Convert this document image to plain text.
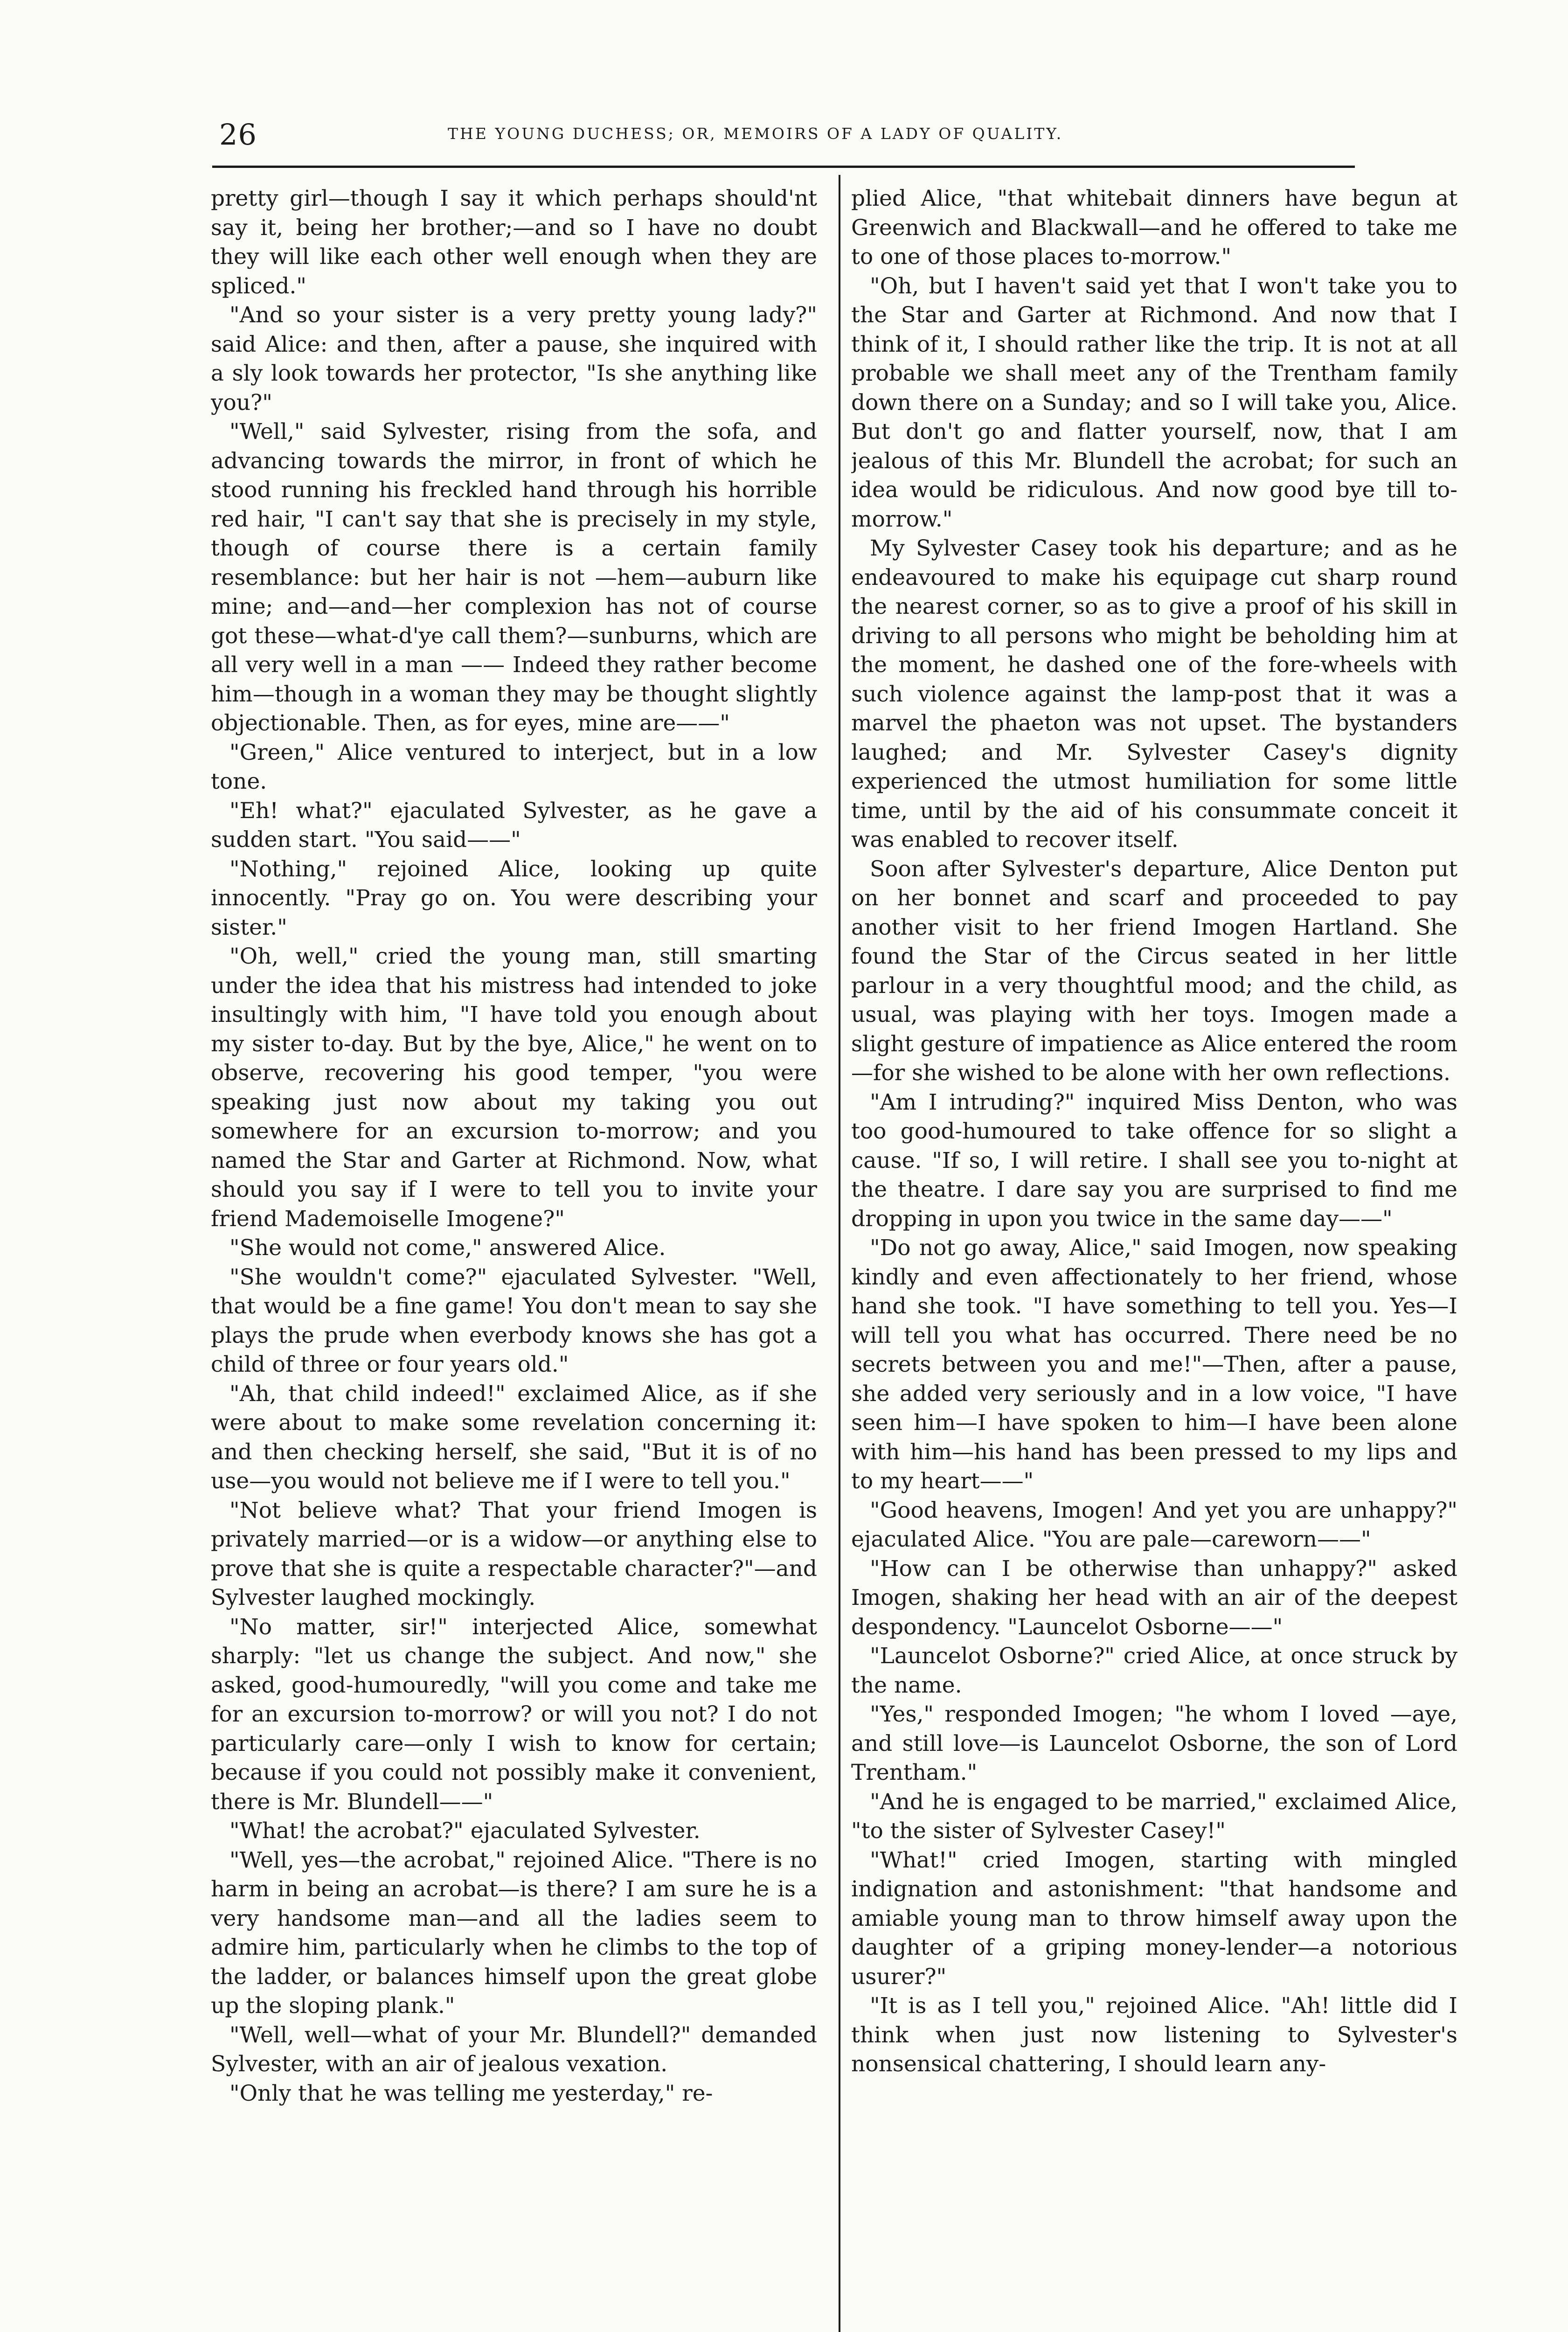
26	THE YOUNG DUCHESS; OR, MEMOIRS OF A LADY OF QUALITY.

pretty girl—though I say it which perhaps should'nt say it, being her brother;—and so I have no doubt they will like each other well enough when they are spliced."

"And so your sister is a very pretty young lady?" said Alice: and then, after a pause, she inquired with a sly look towards her protector, "Is she anything like you?"

"Well," said Sylvester, rising from the sofa, and advancing towards the mirror, in front of which he stood running his freckled hand through his horrible red hair, "I can't say that she is precisely in my style, though of course there is a certain family resemblance: but her hair is not —hem—auburn like mine; and—and—her complexion has not of course got these—what-d'ye call them?—sunburns, which are all very well in a man —— Indeed they rather become him—though in a woman they may be thought slightly objectionable. Then, as for eyes, mine are——"

"Green," Alice ventured to interject, but in a low tone.

"Eh! what?" ejaculated Sylvester, as he gave a sudden start. "You said——"

"Nothing," rejoined Alice, looking up quite innocently. "Pray go on. You were describing your sister."

"Oh, well," cried the young man, still smarting under the idea that his mistress had intended to joke insultingly with him, "I have told you enough about my sister to-day. But by the bye, Alice," he went on to observe, recovering his good temper, "you were speaking just now about my taking you out somewhere for an excursion to-morrow; and you named the Star and Garter at Richmond. Now, what should you say if I were to tell you to invite your friend Mademoiselle Imogene?"

"She would not come," answered Alice.

"She wouldn't come?" ejaculated Sylvester. "Well, that would be a fine game! You don't mean to say she plays the prude when everbody knows she has got a child of three or four years old."

"Ah, that child indeed!" exclaimed Alice, as if she were about to make some revelation concerning it: and then checking herself, she said, "But it is of no use—you would not believe me if I were to tell you."

"Not believe what? That your friend Imogen is privately married—or is a widow—or anything else to prove that she is quite a respectable character?"—and Sylvester laughed mockingly.

"No matter, sir!" interjected Alice, somewhat sharply: "let us change the subject. And now," she asked, good-humouredly, "will you come and take me for an excursion to-morrow? or will you not? I do not particularly care—only I wish to know for certain; because if you could not possibly make it convenient, there is Mr. Blundell——"

"What! the acrobat?" ejaculated Sylvester.

"Well, yes—the acrobat," rejoined Alice. "There is no harm in being an acrobat—is there? I am sure he is a very handsome man—and all the ladies seem to admire him, particularly when he climbs to the top of the ladder, or balances himself upon the great globe up the sloping plank."

"Well, well—what of your Mr. Blundell?" demanded Sylvester, with an air of jealous vexation.

"Only that he was telling me yesterday," re-

plied Alice, "that whitebait dinners have begun at Greenwich and Blackwall—and he offered to take me to one of those places to-morrow."

"Oh, but I haven't said yet that I won't take you to the Star and Garter at Richmond. And now that I think of it, I should rather like the trip. It is not at all probable we shall meet any of the Trentham family down there on a Sunday; and so I will take you, Alice. But don't go and flatter yourself, now, that I am jealous of this Mr. Blundell the acrobat; for such an idea would be ridiculous. And now good bye till to-morrow."

My Sylvester Casey took his departure; and as he endeavoured to make his equipage cut sharp round the nearest corner, so as to give a proof of his skill in driving to all persons who might be beholding him at the moment, he dashed one of the fore-wheels with such violence against the lamp-post that it was a marvel the phaeton was not upset. The bystanders laughed; and Mr. Sylvester Casey's dignity experienced the utmost humiliation for some little time, until by the aid of his consummate conceit it was enabled to recover itself.

Soon after Sylvester's departure, Alice Denton put on her bonnet and scarf and proceeded to pay another visit to her friend Imogen Hartland. She found the Star of the Circus seated in her little parlour in a very thoughtful mood; and the child, as usual, was playing with her toys. Imogen made a slight gesture of impatience as Alice entered the room—for she wished to be alone with her own reflections.

"Am I intruding?" inquired Miss Denton, who was too good-humoured to take offence for so slight a cause. "If so, I will retire. I shall see you to-night at the theatre. I dare say you are surprised to find me dropping in upon you twice in the same day——"

"Do not go away, Alice," said Imogen, now speaking kindly and even affectionately to her friend, whose hand she took. "I have something to tell you. Yes—I will tell you what has occurred. There need be no secrets between you and me!"—Then, after a pause, she added very seriously and in a low voice, "I have seen him—I have spoken to him—I have been alone with him—his hand has been pressed to my lips and to my heart——"

"Good heavens, Imogen! And yet you are unhappy?" ejaculated Alice. "You are pale—careworn——"

"How can I be otherwise than unhappy?" asked Imogen, shaking her head with an air of the deepest despondency. "Launcelot Osborne——"

"Launcelot Osborne?" cried Alice, at once struck by the name.

"Yes," responded Imogen; "he whom I loved —aye, and still love—is Launcelot Osborne, the son of Lord Trentham."

"And he is engaged to be married," exclaimed Alice, "to the sister of Sylvester Casey!"

"What!" cried Imogen, starting with mingled indignation and astonishment: "that handsome and amiable young man to throw himself away upon the daughter of a griping money-lender—a notorious usurer?"

"It is as I tell you," rejoined Alice. "Ah! little did I think when just now listening to Sylvester's nonsensical chattering, I should learn any-
